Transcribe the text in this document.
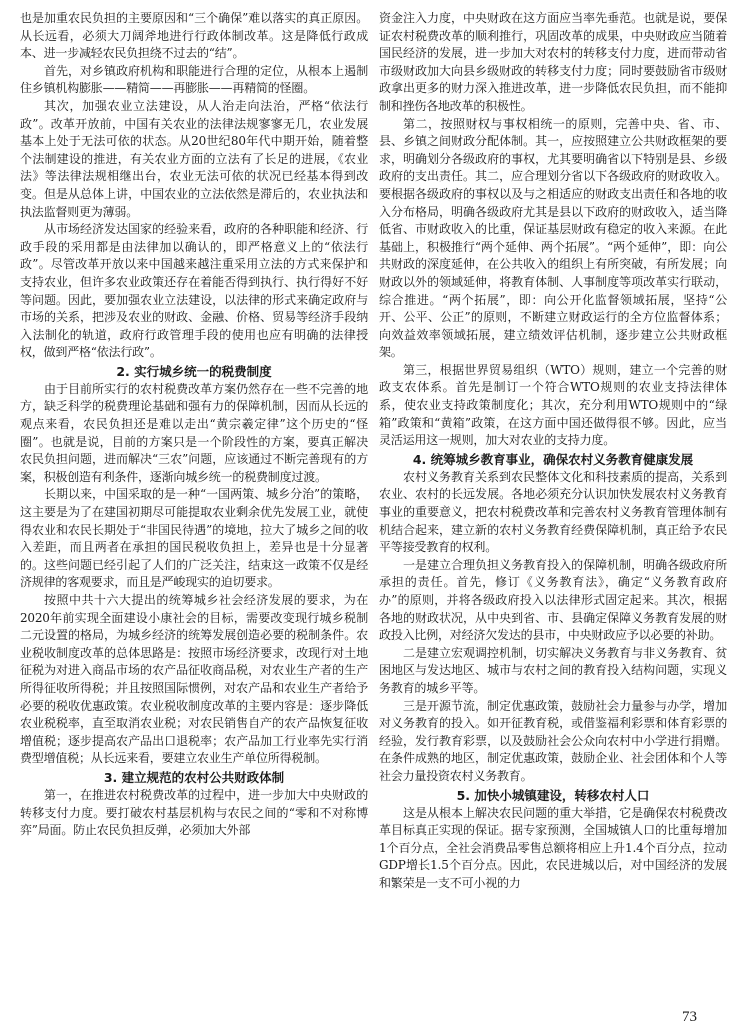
也是加重农民负担的主要原因和“三个确保”难以落实的真正原因。从长远看，必须大刀阔斧地进行行政体制改革。这是降低行政成本、进一步减轻农民负担绕不过去的“结”。

首先，对乡镇政府机构和职能进行合理的定位，从根本上遏制住乡镇机构膨胀——精简——再膨胀——再精简的怪圈。

其次，加强农业立法建设，从人治走向法治，严格“依法行政”。改革开放前，中国有关农业的法律法规寥寥无几，农业发展基本上处于无法可依的状态。从20世纪80年代中期开始，随着整个法制建设的推进，有关农业方面的立法有了长足的进展，《农业法》等法律法规相继出台，农业无法可依的状况已经基本得到改变。但是从总体上讲，中国农业的立法依然是滞后的，农业执法和执法监督则更为薄弱。

从市场经济发达国家的经验来看，政府的各种职能和经济、行政手段的采用都是由法律加以确认的，即严格意义上的“依法行政”。尽管改革开放以来中国越来越注重采用立法的方式来保护和支持农业，但许多农业政策还存在着能否得到执行、执行得好不好等问题。因此，要加强农业立法建设，以法律的形式来确定政府与市场的关系，把涉及农业的财政、金融、价格、贸易等经济手段纳入法制化的轨道，政府行政管理手段的使用也应有明确的法律授权，做到严格“依法行政”。

2. 实行城乡统一的税费制度

由于目前所实行的农村税费改革方案仍然存在一些不完善的地方，缺乏科学的税费理论基础和强有力的保障机制，因而从长远的观点来看，农民负担还是难以走出“黄宗羲定律”这个历史的“怪圈”。也就是说，目前的方案只是一个阶段性的方案，要真正解决农民负担问题，进而解决“三农”问题，应该通过不断完善现有的方案，积极创造有利条件，逐渐向城乡统一的税费制度过渡。

长期以来，中国采取的是一种“一国两策、城乡分治”的策略，这主要是为了在建国初期尽可能提取农业剩余优先发展工业，就使得农业和农民长期处于“非国民待遇”的境地，拉大了城乡之间的收入差距，而且两者在承担的国民税收负担上，差异也是十分显著的。这些问题已经引起了人们的广泛关注，结束这一政策不仅是经济规律的客观要求，而且是严峻现实的迫切要求。

按照中共十六大提出的统筹城乡社会经济发展的要求，为在2020年前实现全面建设小康社会的目标，需要改变现行城乡税制二元设置的格局，为城乡经济的统筹发展创造必要的税制条件。农业税收制度改革的总体思路是：按照市场经济要求，改现行对土地征税为对进入商品市场的农产品征收商品税，对农业生产者的生产所得征收所得税；并且按照国际惯例，对农产品和农业生产者给予必要的税收优惠政策。农业税收制度改革的主要内容是：逐步降低农业税税率，直至取消农业税；对农民销售自产的农产品恢复征收增值税；逐步提高农产品出口退税率；农产品加工行业率先实行消费型增值税；从长远来看，要建立农业生产单位所得税制。

3. 建立规范的农村公共财政体制

第一，在推进农村税费改革的过程中，进一步加大中央财政的转移支付力度。要打破农村基层机构与农民之间的“零和不对称博弈”局面。防止农民负担反弹，必须加大外部

资金注入力度，中央财政在这方面应当率先垂范。也就是说，要保证农村税费改革的顺利推行，巩固改革的成果，中央财政应当随着国民经济的发展，进一步加大对农村的转移支付力度，进而带动省市级财政加大向县乡级财政的转移支付力度；同时要鼓励省市级财政拿出更多的财力深入推进改革，进一步降低农民负担，而不能抑制和挫伤各地改革的积极性。

第二，按照财权与事权相统一的原则，完善中央、省、市、县、乡镇之间财政分配体制。其一，应按照建立公共财政框架的要求，明确划分各级政府的事权，尤其要明确省以下特别是县、乡级政府的支出责任。其二，应合理划分省以下各级政府的财政收入。要根据各级政府的事权以及与之相适应的财政支出责任和各地的收入分布格局，明确各级政府尤其是县以下政府的财政收入，适当降低省、市财政收入的比重，保证基层财政有稳定的收入来源。在此基础上，积极推行“两个延伸、两个拓展”。“两个延伸”，即：向公共财政的深度延伸，在公共收入的组织上有所突破，有所发展；向财政以外的领域延伸，将教育体制、人事制度等项改革实行联动，综合推进。“两个拓展”，即：向公开化监督领域拓展，坚持“公开、公平、公正”的原则，不断建立财政运行的全方位监督体系；向效益效率领域拓展，建立绩效评估机制，逐步建立公共财政框架。

第三，根据世界贸易组织（WTO）规则，建立一个完善的财政支农体系。首先是制订一个符合WTO规则的农业支持法律体系，使农业支持政策制度化；其次，充分利用WTO规则中的“绿箱”政策和“黄箱”政策，在这方面中国还做得很不够。因此，应当灵活运用这一规则，加大对农业的支持力度。

4. 统筹城乡教育事业，确保农村义务教育健康发展

农村义务教育关系到农民整体文化和科技素质的提高，关系到农业、农村的长远发展。各地必须充分认识加快发展农村义务教育事业的重要意义，把农村税费改革和完善农村义务教育管理体制有机结合起来，建立新的农村义务教育经费保障机制，真正给予农民平等接受教育的权利。

一是建立合理负担义务教育投入的保障机制，明确各级政府所承担的责任。首先，修订《义务教育法》，确定“义务教育政府办”的原则，并将各级政府投入以法律形式固定起来。其次，根据各地的财政状况，从中央到省、市、县确定保障义务教育发展的财政投入比例，对经济欠发达的县市，中央财政应予以必要的补助。

二是建立宏观调控机制，切实解决义务教育与非义务教育、贫困地区与发达地区、城市与农村之间的教育投入结构问题，实现义务教育的城乡平等。

三是开源节流，制定优惠政策，鼓励社会力量参与办学，增加对义务教育的投入。如开征教育税，或借鉴福利彩票和体育彩票的经验，发行教育彩票，以及鼓励社会公众向农村中小学进行捐赠。在条件成熟的地区，制定优惠政策，鼓励企业、社会团体和个人等社会力量投资农村义务教育。

5. 加快小城镇建设，转移农村人口

这是从根本上解决农民问题的重大举措，它是确保农村税费改革目标真正实现的保证。据专家预测，全国城镇人口的比重每增加1个百分点，全社会消费品零售总额将相应上升1.4个百分点，拉动GDP增长1.5个百分点。因此，农民进城以后，对中国经济的发展和繁荣是一支不可小视的力

73
